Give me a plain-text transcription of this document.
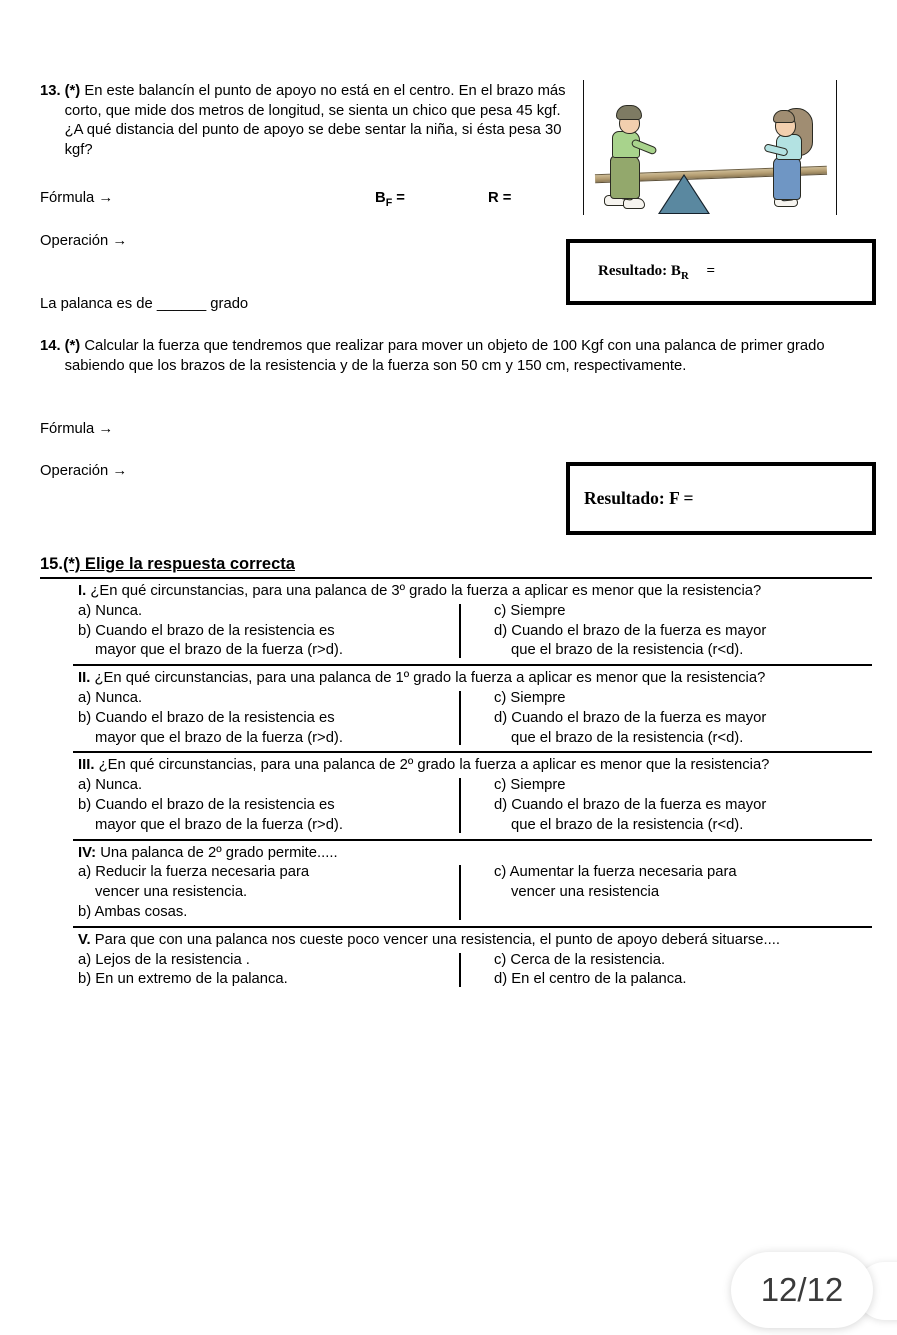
13. (*) En este balancín el punto de apoyo no está en el centro. En el brazo más corto, que mide dos metros de longitud, se sienta un chico que pesa 45 kgf. ¿A qué distancia del punto de apoyo se debe sentar la niña, si ésta pesa 30 kgf?
Fórmula →	$B_F$ =	R =
Operación →
La palanca es de ______ grado
Resultado: $B_R$ =
14. (*) Calcular la fuerza que tendremos que realizar para mover un objeto de 100 Kgf con una palanca de primer grado sabiendo que los brazos de la resistencia y de la fuerza son 50 cm y 150 cm, respectivamente.
Fórmula →
Operación →
Resultado: F =
15.(*) Elige la respuesta correcta
I. ¿En qué circunstancias, para una palanca de 3º grado la fuerza a aplicar es menor que la resistencia?
a) Nunca.
b) Cuando el brazo de la resistencia es
mayor que el brazo de la fuerza (r>d).
c) Siempre
d) Cuando el brazo de la fuerza es mayor
que el brazo de la resistencia (r<d).
II. ¿En qué circunstancias, para una palanca de 1º grado la fuerza a aplicar es menor que la resistencia?
a) Nunca.
b) Cuando el brazo de la resistencia es
mayor que el brazo de la fuerza (r>d).
c) Siempre
d) Cuando el brazo de la fuerza es mayor
que el brazo de la resistencia (r<d).
III. ¿En qué circunstancias, para una palanca de 2º grado la fuerza a aplicar es menor que la resistencia?
a) Nunca.
b) Cuando el brazo de la resistencia es
mayor que el brazo de la fuerza (r>d).
c) Siempre
d) Cuando el brazo de la fuerza es mayor
que el brazo de la resistencia (r<d).
IV: Una palanca de 2º grado permite.....
a) Reducir la fuerza necesaria para
vencer una resistencia.
b) Ambas cosas.
c) Aumentar la fuerza necesaria para
vencer una resistencia
V. Para que con una palanca nos cueste poco vencer una resistencia, el punto de apoyo deberá situarse....
a) Lejos de la resistencia .
b) En un extremo de la palanca.
c) Cerca de la resistencia.
d) En el centro de la palanca.
12/12
